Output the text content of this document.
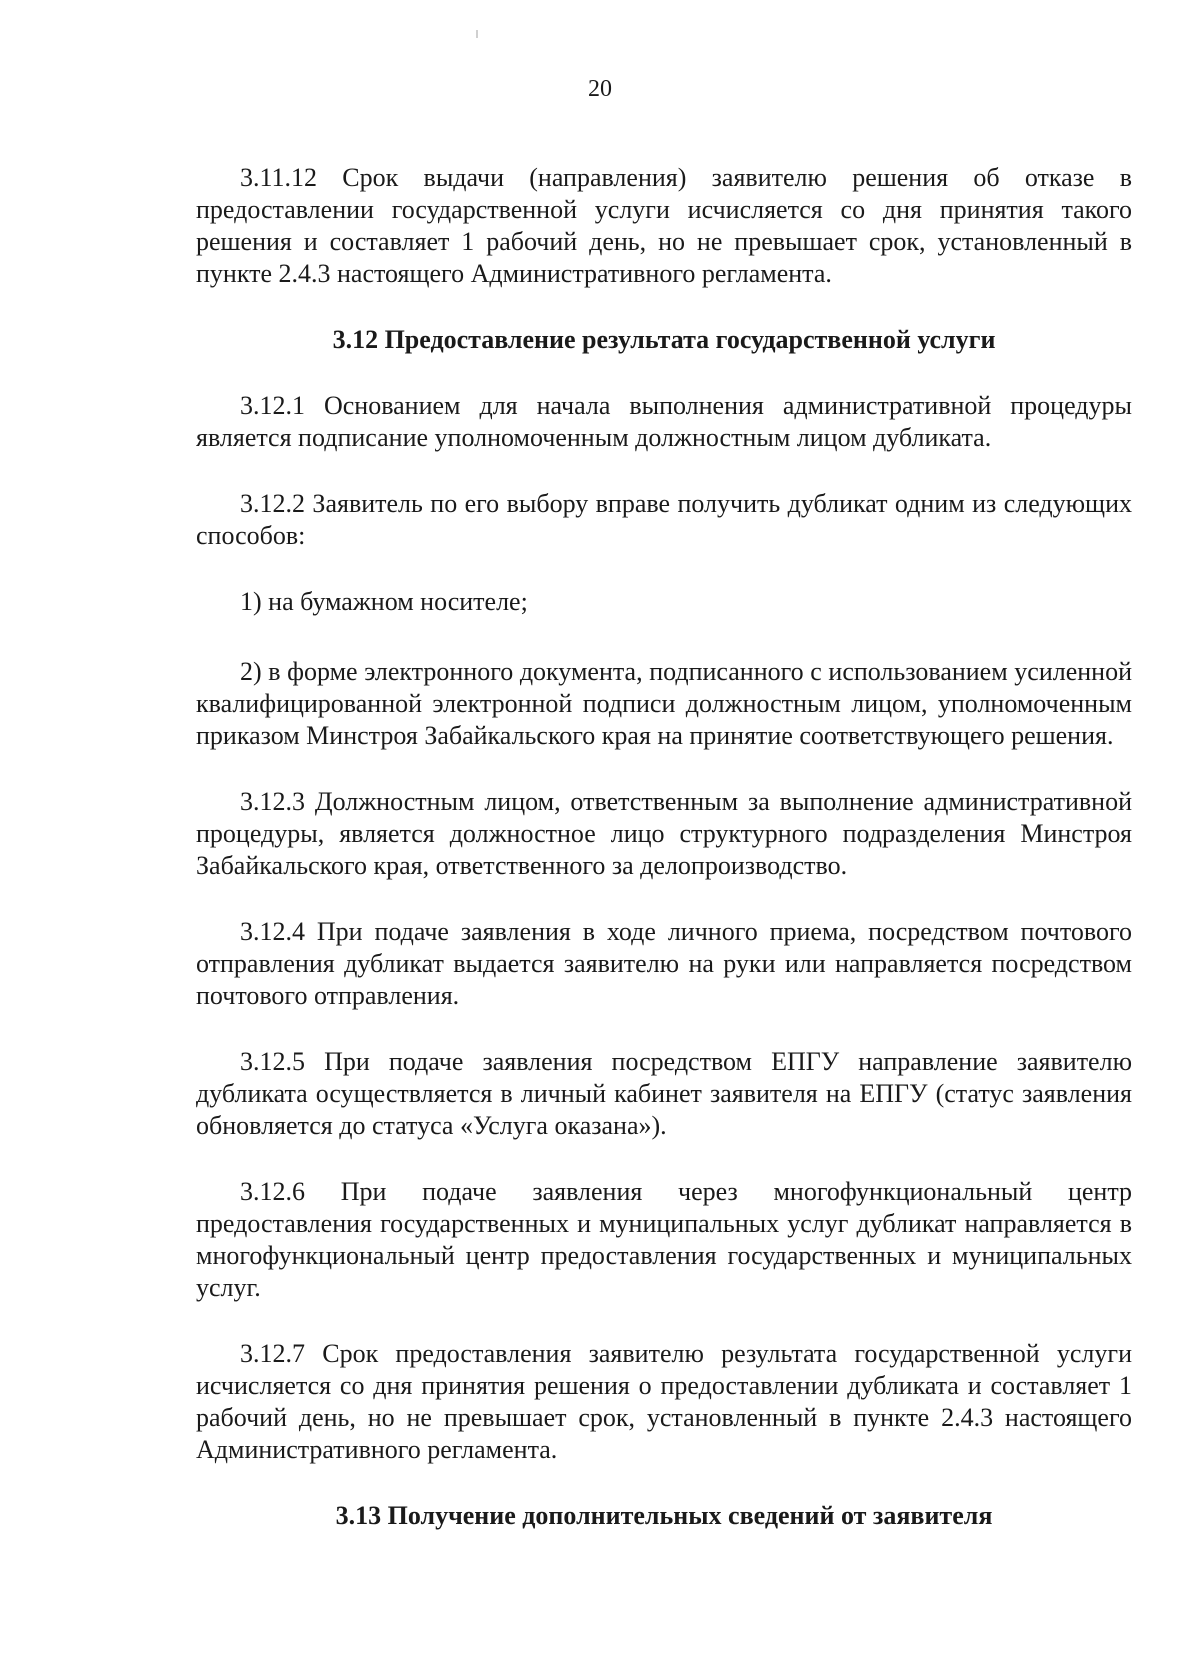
20

3.11.12 Срок выдачи (направления) заявителю решения об отказе в предоставлении государственной услуги исчисляется со дня принятия такого решения и составляет 1 рабочий день, но не превышает срок, установленный в пункте 2.4.3 настоящего Административного регламента.

3.12 Предоставление результата государственной услуги

3.12.1 Основанием для начала выполнения административной процедуры является подписание уполномоченным должностным лицом дубликата.

3.12.2 Заявитель по его выбору вправе получить дубликат одним из следующих способов:

1) на бумажном носителе;

2) в форме электронного документа, подписанного с использованием усиленной квалифицированной электронной подписи должностным лицом, уполномоченным приказом Минстроя Забайкальского края на принятие соответствующего решения.

3.12.3 Должностным лицом, ответственным за выполнение административной процедуры, является должностное лицо структурного подразделения Минстроя Забайкальского края, ответственного за делопроизводство.

3.12.4 При подаче заявления в ходе личного приема, посредством почтового отправления дубликат выдается заявителю на руки или направляется посредством почтового отправления.

3.12.5 При подаче заявления посредством ЕПГУ направление заявителю дубликата осуществляется в личный кабинет заявителя на ЕПГУ (статус заявления обновляется до статуса «Услуга оказана»).

3.12.6 При подаче заявления через многофункциональный центр предоставления государственных и муниципальных услуг дубликат направляется в многофункциональный центр предоставления государственных и муниципальных услуг.

3.12.7 Срок предоставления заявителю результата государственной услуги исчисляется со дня принятия решения о предоставлении дубликата и составляет 1 рабочий день, но не превышает срок, установленный в пункте 2.4.3 настоящего Административного регламента.

3.13 Получение дополнительных сведений от заявителя
